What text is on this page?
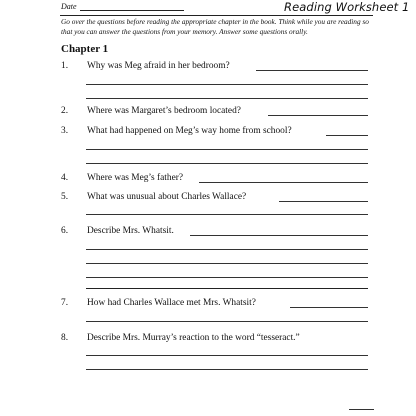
Date	Reading Worksheet 1
Go over the questions before reading the appropriate chapter in the book. Think while you are reading so that you can answer the questions from your memory. Answer some questions orally.
Chapter 1
1. Why was Meg afraid in her bedroom?
2. Where was Margaret’s bedroom located?
3. What had happened on Meg’s way home from school?
4. Where was Meg’s father?
5. What was unusual about Charles Wallace?
6. Describe Mrs. Whatsit.
7. How had Charles Wallace met Mrs. Whatsit?
8. Describe Mrs. Murray’s reaction to the word “tesseract.”
